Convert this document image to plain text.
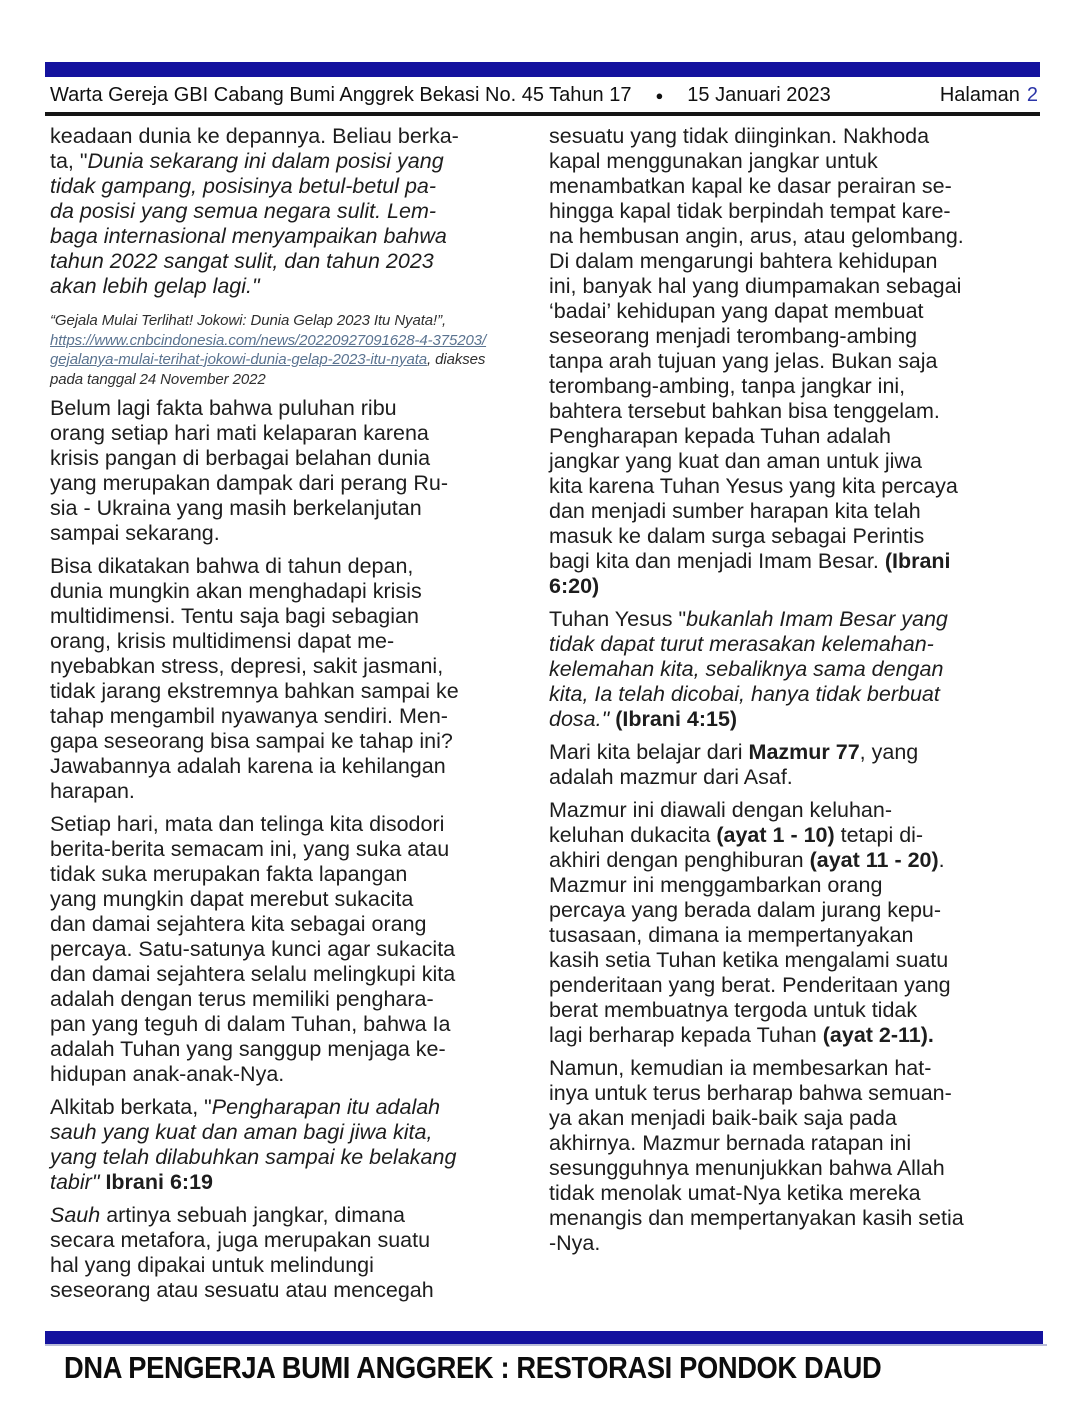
Warta Gereja GBI Cabang Bumi Anggrek Bekasi No. 45 Tahun 17 ● 15 Januari 2023	Halaman 2
keadaan dunia ke depannya. Beliau berka-
ta, "Dunia sekarang ini dalam posisi yang
tidak gampang, posisinya betul-betul pa-
da posisi yang semua negara sulit. Lem-
baga internasional menyampaikan bahwa
tahun 2022 sangat sulit, dan tahun 2023
akan lebih gelap lagi."
“Gejala Mulai Terlihat! Jokowi: Dunia Gelap 2023 Itu Nyata!”,
https://www.cnbcindonesia.com/news/20220927091628-4-375203/
gejalanya-mulai-terihat-jokowi-dunia-gelap-2023-itu-nyata, diakses
pada tanggal 24 November 2022
Belum lagi fakta bahwa puluhan ribu
orang setiap hari mati kelaparan karena
krisis pangan di berbagai belahan dunia
yang merupakan dampak dari perang Ru-
sia - Ukraina yang masih berkelanjutan
sampai sekarang.
Bisa dikatakan bahwa di tahun depan,
dunia mungkin akan menghadapi krisis
multidimensi. Tentu saja bagi sebagian
orang, krisis multidimensi dapat me-
nyebabkan stress, depresi, sakit jasmani,
tidak jarang ekstremnya bahkan sampai ke
tahap mengambil nyawanya sendiri. Men-
gapa seseorang bisa sampai ke tahap ini?
Jawabannya adalah karena ia kehilangan
harapan.
Setiap hari, mata dan telinga kita disodori
berita-berita semacam ini, yang suka atau
tidak suka merupakan fakta lapangan
yang mungkin dapat merebut sukacita
dan damai sejahtera kita sebagai orang
percaya. Satu-satunya kunci agar sukacita
dan damai sejahtera selalu melingkupi kita
adalah dengan terus memiliki penghara-
pan yang teguh di dalam Tuhan, bahwa Ia
adalah Tuhan yang sanggup menjaga ke-
hidupan anak-anak-Nya.
Alkitab berkata, "Pengharapan itu adalah
sauh yang kuat dan aman bagi jiwa kita,
yang telah dilabuhkan sampai ke belakang
tabir" Ibrani 6:19
Sauh artinya sebuah jangkar, dimana
secara metafora, juga merupakan suatu
hal yang dipakai untuk melindungi
seseorang atau sesuatu atau mencegah
sesuatu yang tidak diinginkan. Nakhoda
kapal menggunakan jangkar untuk
menambatkan kapal ke dasar perairan se-
hingga kapal tidak berpindah tempat kare-
na hembusan angin, arus, atau gelombang.
Di dalam mengarungi bahtera kehidupan
ini, banyak hal yang diumpamakan sebagai
‘badai’ kehidupan yang dapat membuat
seseorang menjadi terombang-ambing
tanpa arah tujuan yang jelas. Bukan saja
terombang-ambing, tanpa jangkar ini,
bahtera tersebut bahkan bisa tenggelam.
Pengharapan kepada Tuhan adalah
jangkar yang kuat dan aman untuk jiwa
kita karena Tuhan Yesus yang kita percaya
dan menjadi sumber harapan kita telah
masuk ke dalam surga sebagai Perintis
bagi kita dan menjadi Imam Besar. (Ibrani
6:20)
Tuhan Yesus "bukanlah Imam Besar yang
tidak dapat turut merasakan kelemahan-
kelemahan kita, sebaliknya sama dengan
kita, Ia telah dicobai, hanya tidak berbuat
dosa." (Ibrani 4:15)
Mari kita belajar dari Mazmur 77, yang
adalah mazmur dari Asaf.
Mazmur ini diawali dengan keluhan-
keluhan dukacita (ayat 1 - 10) tetapi di-
akhiri dengan penghiburan (ayat 11 - 20).
Mazmur ini menggambarkan orang
percaya yang berada dalam jurang kepu-
tusasaan, dimana ia mempertanyakan
kasih setia Tuhan ketika mengalami suatu
penderitaan yang berat. Penderitaan yang
berat membuatnya tergoda untuk tidak
lagi berharap kepada Tuhan (ayat 2-11).
Namun, kemudian ia membesarkan hat-
inya untuk terus berharap bahwa semuan-
ya akan menjadi baik-baik saja pada
akhirnya. Mazmur bernada ratapan ini
sesungguhnya menunjukkan bahwa Allah
tidak menolak umat-Nya ketika mereka
menangis dan mempertanyakan kasih setia
-Nya.
DNA PENGERJA BUMI ANGGREK : RESTORASI PONDOK DAUD
